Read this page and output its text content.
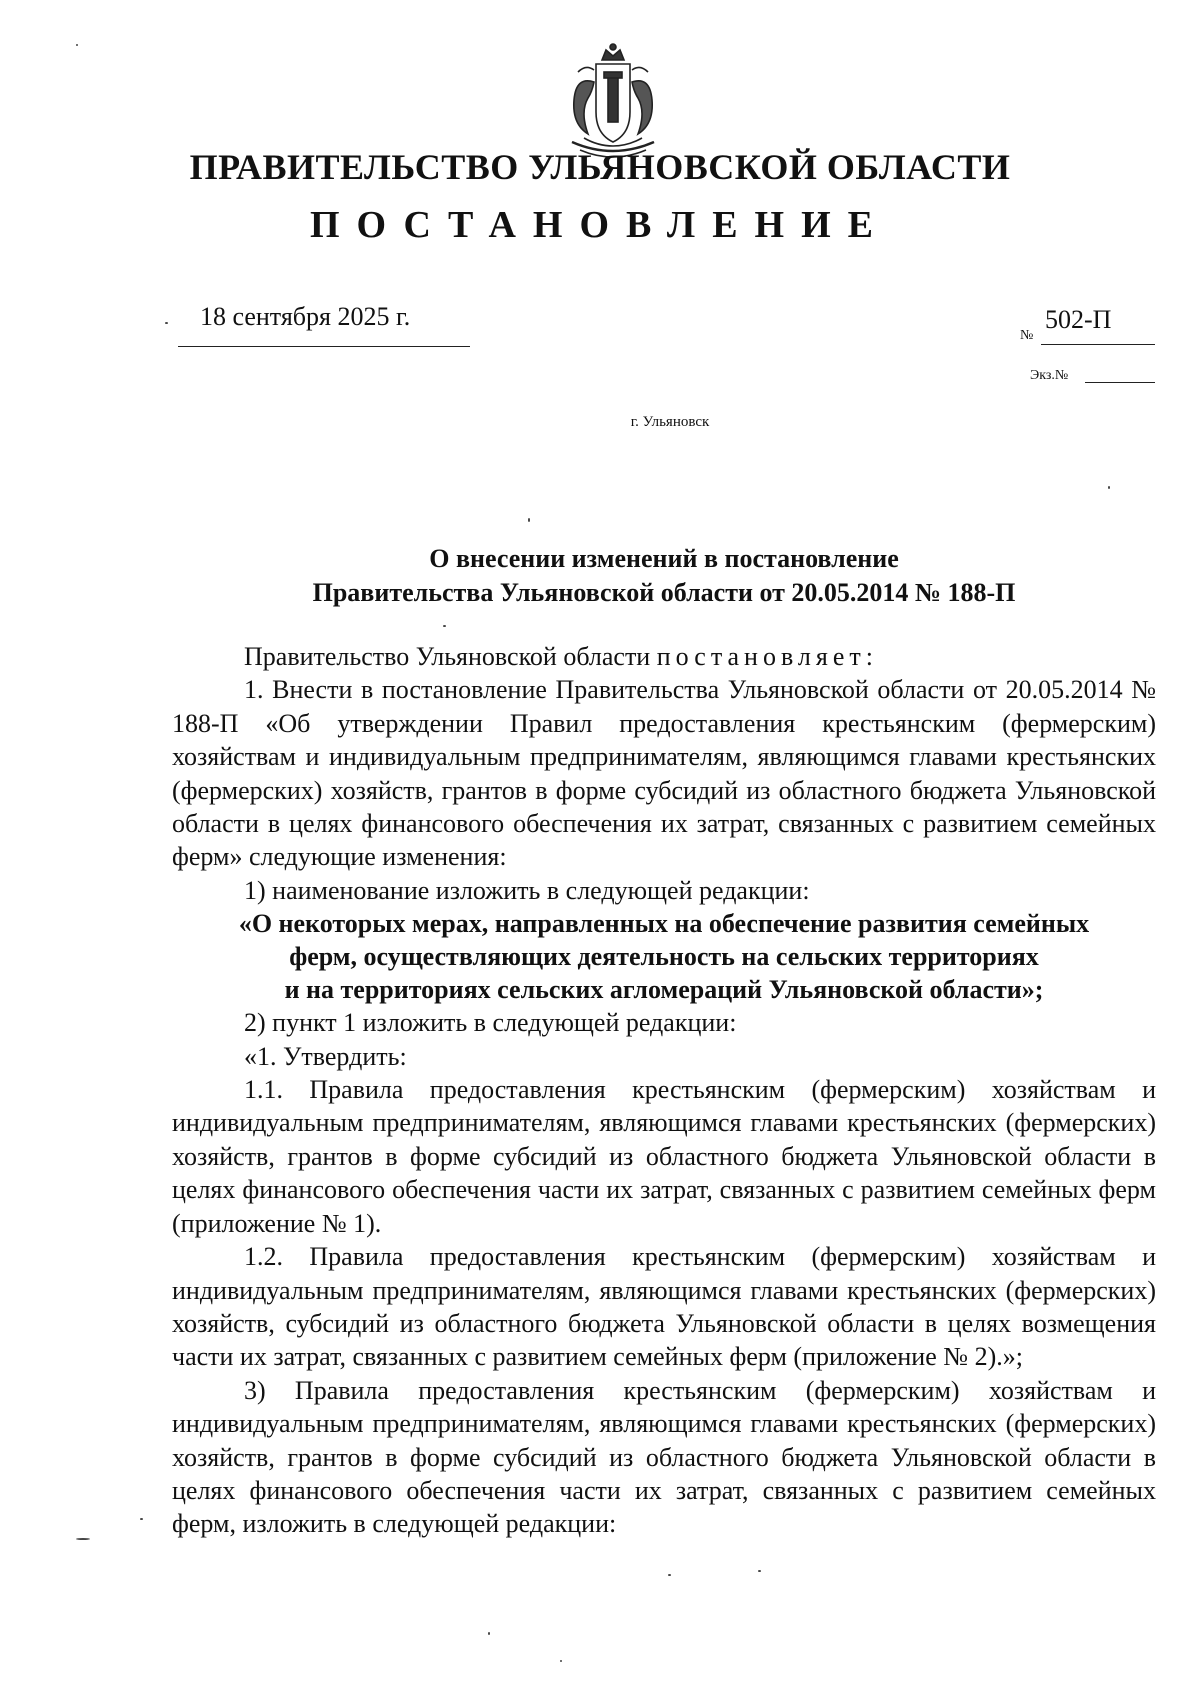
ПРАВИТЕЛЬСТВО УЛЬЯНОВСКОЙ ОБЛАСТИ
ПОСТАНОВЛЕНИЕ
18 сентября 2025 г.
№
502-П
Экз.№
г. Ульяновск
О внесении изменений в постановление
Правительства Ульяновской области от 20.05.2014 № 188-П

Правительство Ульяновской области постановляет:

1. Внести в постановление Правительства Ульяновской области от 20.05.2014 № 188-П «Об утверждении Правил предоставления крестьянским (фермерским) хозяйствам и индивидуальным предпринимателям, являющимся главами крестьянских (фермерских) хозяйств, грантов в форме субсидий из областного бюджета Ульяновской области в целях финансового обеспечения их затрат, связанных с развитием семейных ферм» следующие изменения:

1) наименование изложить в следующей редакции:

«О некоторых мерах, направленных на обеспечение развития семейных
ферм, осуществляющих деятельность на сельских территориях
и на территориях сельских агломераций Ульяновской области»;

2) пункт 1 изложить в следующей редакции:

«1. Утвердить:

1.1. Правила предоставления крестьянским (фермерским) хозяйствам и индивидуальным предпринимателям, являющимся главами крестьянских (фермерских) хозяйств, грантов в форме субсидий из областного бюджета Ульяновской области в целях финансового обеспечения части их затрат, связанных с развитием семейных ферм (приложение № 1).

1.2. Правила предоставления крестьянским (фермерским) хозяйствам и индивидуальным предпринимателям, являющимся главами крестьянских (фермерских) хозяйств, субсидий из областного бюджета Ульяновской области в целях возмещения части их затрат, связанных с развитием семейных ферм (приложение № 2).»;

3) Правила предоставления крестьянским (фермерским) хозяйствам и индивидуальным предпринимателям, являющимся главами крестьянских (фермерских) хозяйств, грантов в форме субсидий из областного бюджета Ульяновской области в целях финансового обеспечения части их затрат, связанных с развитием семейных ферм, изложить в следующей редакции:
